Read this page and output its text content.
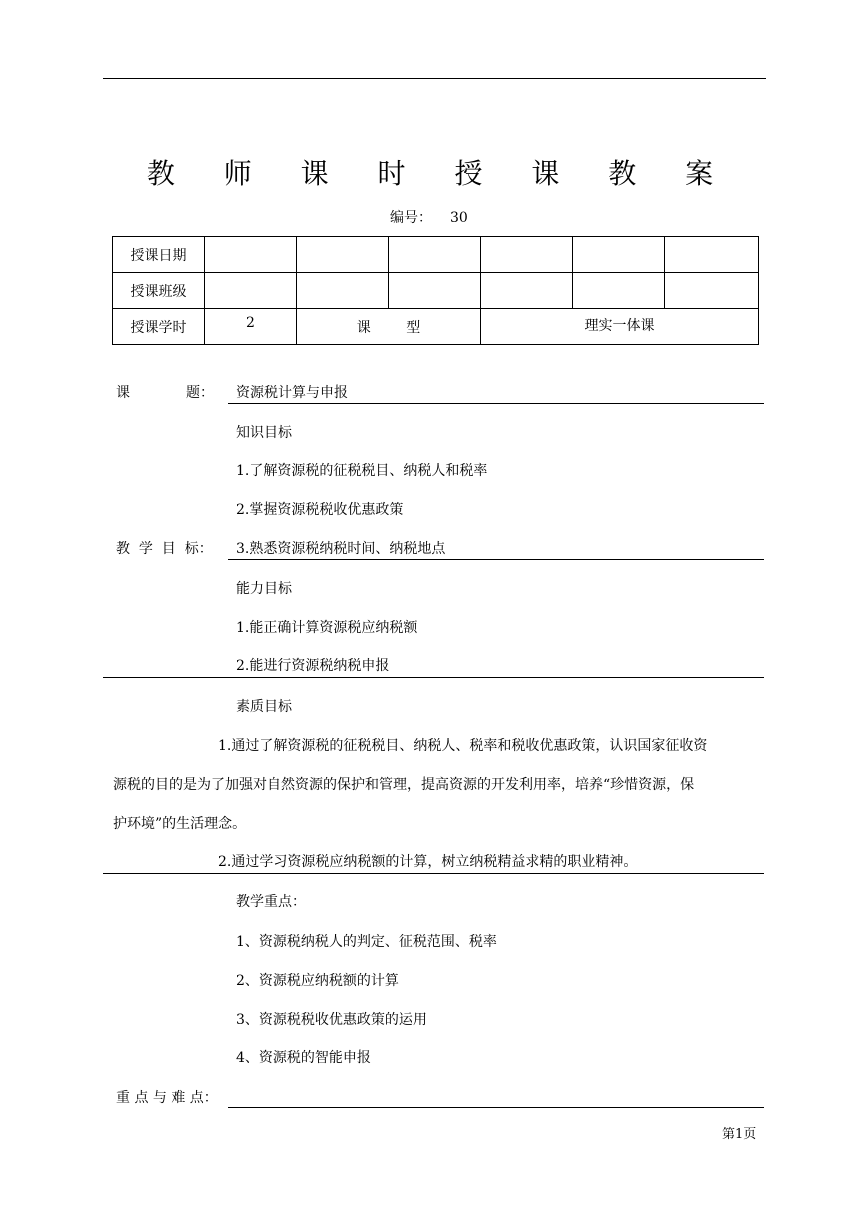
教 师 课 时 授 课 教 案
编号： 30
授课日期						
授课班级						
授课学时	2	课        型		理实一体课		
课	题： 资源税计算与申报
知识目标
1.了解资源税的征税税目、纳税人和税率
2.掌握资源税税收优惠政策
教  学  目  标： 3.熟悉资源税纳税时间、纳税地点
能力目标
1.能正确计算资源税应纳税额
2.能进行资源税纳税申报
素质目标
1.通过了解资源税的征税税目、纳税人、税率和税收优惠政策，认识国家征收资
源税的目的是为了加强对自然资源的保护和管理，提高资源的开发利用率，培养“珍惜资源，保
护环境”的生活理念。
2.通过学习资源税应纳税额的计算，树立纳税精益求精的职业精神。
教学重点：
1、资源税纳税人的判定、征税范围、税率
2、资源税应纳税额的计算
3、资源税税收优惠政策的运用
4、资源税的智能申报
重 点 与 难 点：
第1页
